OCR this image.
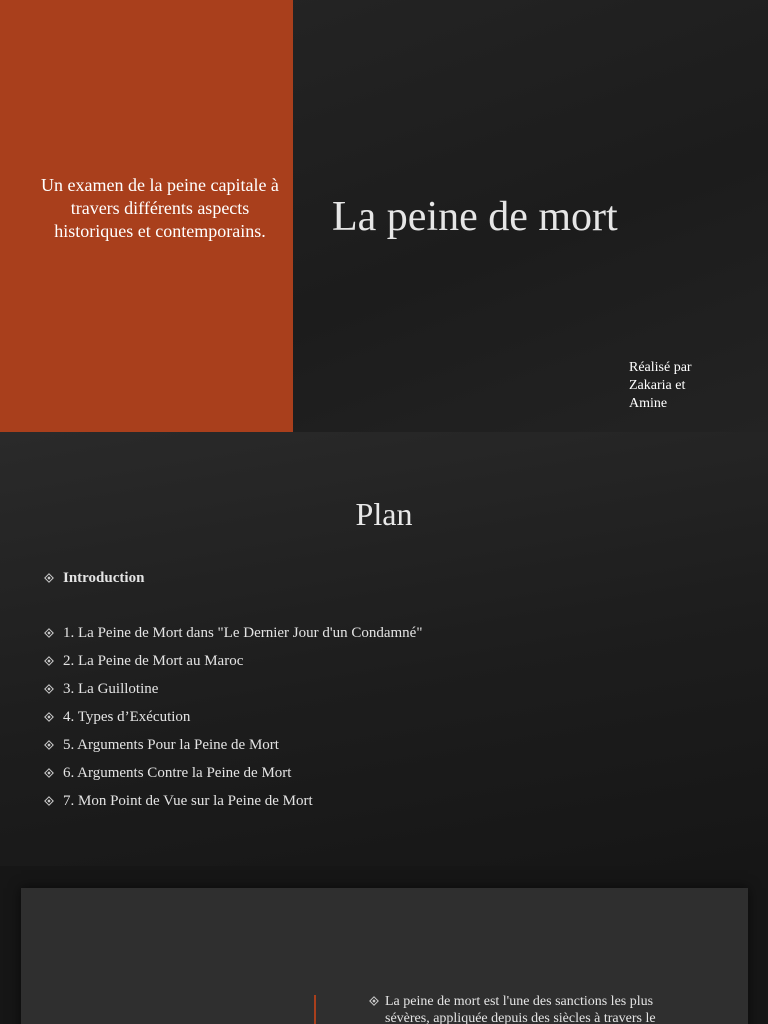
Un examen de la peine capitale à travers différents aspects historiques et contemporains.	La peine de mort
Réalisé par
Zakaria et
Amine
Plan
Introduction
1. La Peine de Mort dans "Le Dernier Jour d'un Condamné"
2. La Peine de Mort au Maroc
3. La Guillotine
4. Types d’Exécution
5. Arguments Pour la Peine de Mort
6. Arguments Contre la Peine de Mort
7. Mon Point de Vue sur la Peine de Mort
La peine de mort est l'une des sanctions les plus sévères, appliquée depuis des siècles à travers le
